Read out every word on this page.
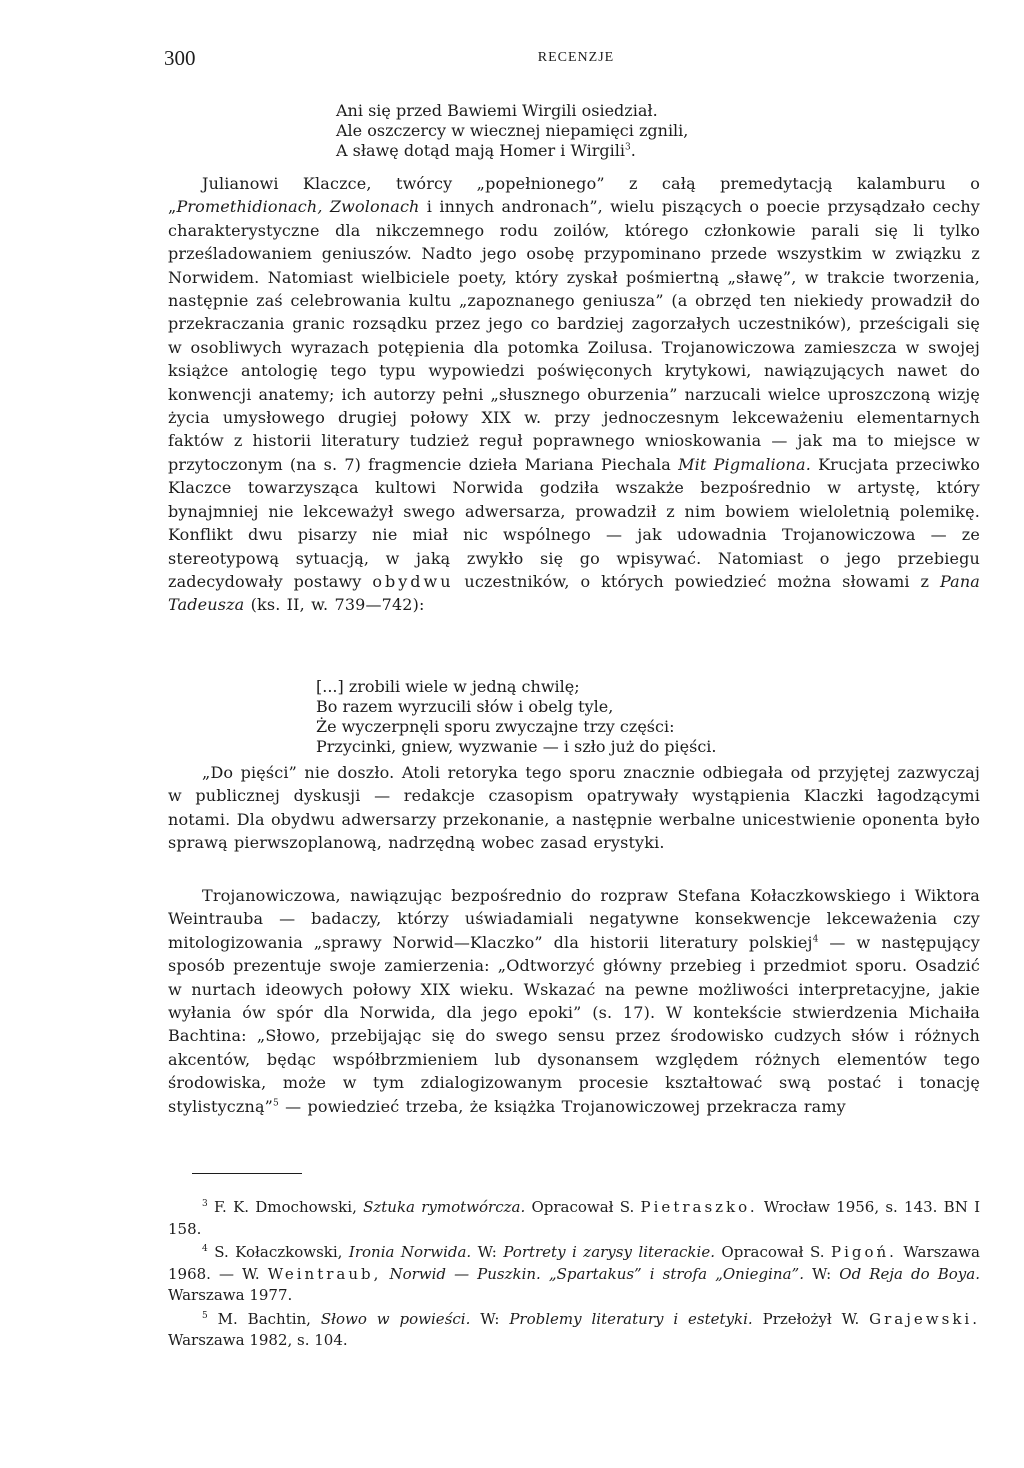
300	RECENZJE
Ani się przed Bawiemi Wirgili osiedział.
Ale oszczercy w wiecznej niepamięci zgnili,
A sławę dotąd mają Homer i Wirgili$^3$.

Julianowi Klaczce, twórcy „popełnionego” z całą premedytacją kalamburu o „Promethidionach, Zwolonach i innych andronach”, wielu piszących o poecie przysądzało cechy charakterystyczne dla nikczemnego rodu zoilów, którego członkowie parali się li tylko prześladowaniem geniuszów. Nadto jego osobę przypominano przede wszystkim w związku z Norwidem. Natomiast wielbiciele poety, który zyskał pośmiertną „sławę”, w trakcie tworzenia, następnie zaś celebrowania kultu „zapoznanego geniusza” (a obrzęd ten niekiedy prowadził do przekraczania granic rozsądku przez jego co bardziej zagorzałych uczestników), prześcigali się w osobliwych wyrazach potępienia dla potomka Zoilusa. Trojanowiczowa zamieszcza w swojej książce antologię tego typu wypowiedzi poświęconych krytykowi, nawiązujących nawet do konwencji anatemy; ich autorzy pełni „słusznego oburzenia” narzucali wielce uproszczoną wizję życia umysłowego drugiej połowy XIX w. przy jednoczesnym lekceważeniu elementarnych faktów z historii literatury tudzież reguł poprawnego wnioskowania — jak ma to miejsce w przytoczonym (na s. 7) fragmencie dzieła Mariana Piechala Mit Pigmaliona. Krucjata przeciwko Klaczce towarzysząca kultowi Norwida godziła wszakże bezpośrednio w artystę, który bynajmniej nie lekceważył swego adwersarza, prowadził z nim bowiem wieloletnią polemikę. Konflikt dwu pisarzy nie miał nic wspólnego — jak udowadnia Trojanowiczowa — ze stereotypową sytuacją, w jaką zwykło się go wpisywać. Natomiast o jego przebiegu zadecydowały postawy obydwu uczestników, o których powiedzieć można słowami z Pana Tadeusza (ks. II, w. 739—742):

[...] zrobili wiele w jedną chwilę;
Bo razem wyrzucili słów i obelg tyle,
Że wyczerpnęli sporu zwyczajne trzy części:
Przycinki, gniew, wyzwanie — i szło już do pięści.

„Do pięści” nie doszło. Atoli retoryka tego sporu znacznie odbiegała od przyjętej zazwyczaj w publicznej dyskusji — redakcje czasopism opatrywały wystąpienia Klaczki łagodzącymi notami. Dla obydwu adwersarzy przekonanie, a następnie werbalne unicestwienie oponenta było sprawą pierwszoplanową, nadrzędną wobec zasad erystyki.

Trojanowiczowa, nawiązując bezpośrednio do rozpraw Stefana Kołaczkowskiego i Wiktora Weintrauba — badaczy, którzy uświadamiali negatywne konsekwencje lekceważenia czy mitologizowania „sprawy Norwid—Klaczko” dla historii literatury polskiej$^4$ — w następujący sposób prezentuje swoje zamierzenia: „Odtworzyć główny przebieg i przedmiot sporu. Osadzić w nurtach ideowych połowy XIX wieku. Wskazać na pewne możliwości interpretacyjne, jakie wyłania ów spór dla Norwida, dla jego epoki” (s. 17). W kontekście stwierdzenia Michaiła Bachtina: „Słowo, przebijając się do swego sensu przez środowisko cudzych słów i różnych akcentów, będąc współbrzmieniem lub dysonansem względem różnych elementów tego środowiska, może w tym zdialogizowanym procesie kształtować swą postać i tonację stylistyczną”$^5$ — powiedzieć trzeba, że książka Trojanowiczowej przekracza ramy

$^3$ F. K. Dmochowski, Sztuka rymotwórcza. Opracował S. Pietraszko. Wrocław 1956, s. 143. BN I 158.

$^4$ S. Kołaczkowski, Ironia Norwida. W: Portrety i zarysy literackie. Opracował S. Pigoń. Warszawa 1968. — W. Weintraub, Norwid — Puszkin. „Spartakus” i strofa „Oniegina”. W: Od Reja do Boya. Warszawa 1977.

$^5$ M. Bachtin, Słowo w powieści. W: Problemy literatury i estetyki. Przełożył W. Grajewski. Warszawa 1982, s. 104.
